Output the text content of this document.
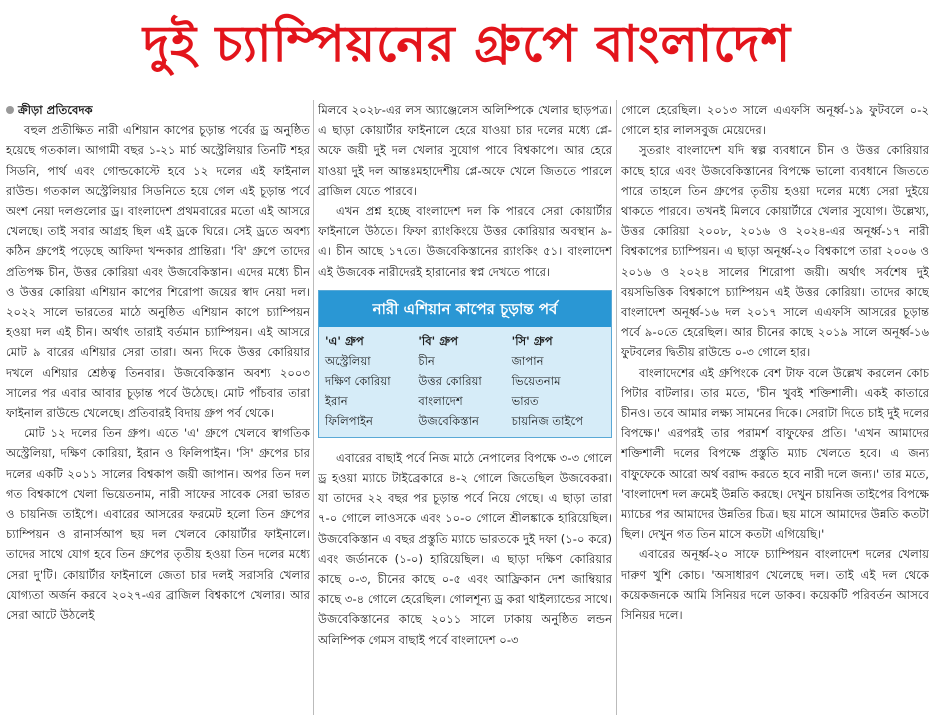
দুই চ্যাম্পিয়নের গ্রুপে বাংলাদেশ

ক্রীড়া প্রতিবেদক

বহুল প্রতীক্ষিত নারী এশিয়ান কাপের চূড়ান্ত পর্বের ড্র অনুষ্ঠিত হয়েছে গতকাল। আগামী বছর ১-২১ মার্চ অস্ট্রেলিয়ার তিনটি শহর সিডনি, পার্থ এবং গোল্ডকোস্টে হবে ১২ দলের এই ফাইনাল রাউন্ড। গতকাল অস্ট্রেলিয়ার সিডনিতে হয়ে গেল এই চূড়ান্ত পর্বে অংশ নেয়া দলগুলোর ড্র। বাংলাদেশ প্রথমবারের মতো এই আসরে খেলছে। তাই সবার আগ্রহ ছিল এই ড্রকে ঘিরে। সেই ড্রতে অবশ্য কঠিন গ্রুপেই পড়েছে আফিদা খন্দকার প্রান্তিরা। 'বি' গ্রুপে তাদের প্রতিপক্ষ চীন, উত্তর কোরিয়া এবং উজবেকিস্তান। এদের মধ্যে চীন ও উত্তর কোরিয়া এশিয়ান কাপের শিরোপা জয়ের স্বাদ নেয়া দল। ২০২২ সালে ভারতের মাঠে অনুষ্ঠিত এশিয়ান কাপে চ্যাম্পিয়ন হওয়া দল এই চীন। অর্থাৎ তারাই বর্তমান চ্যাম্পিয়ন। এই আসরে মোট ৯ বারের এশিয়ার সেরা তারা। অন্য দিকে উত্তর কোরিয়ার দখলে এশিয়ার শ্রেষ্ঠত্ব তিনবার। উজবেকিস্তান অবশ্য ২০০৩ সালের পর এবার আবার চূড়ান্ত পর্বে উঠেছে। মোট পাঁচবার তারা ফাইনাল রাউন্ডে খেলেছে। প্রতিবারই বিদায় গ্রুপ পর্ব থেকে।

মোট ১২ দলের তিন গ্রুপ। এতে 'এ' গ্রুপে খেলবে স্বাগতিক অস্ট্রেলিয়া, দক্ষিণ কোরিয়া, ইরান ও ফিলিপাইন। 'সি' গ্রুপের চার দলের একটি ২০১১ সালের বিশ্বকাপ জয়ী জাপান। অপর তিন দল গত বিশ্বকাপে খেলা ভিয়েতনাম, নারী সাফের সাবেক সেরা ভারত ও চায়নিজ তাইপে। এবারের আসরের ফরমেট হলো তিন গ্রুপের চ্যাম্পিয়ন ও রানার্সআপ ছয় দল খেলবে কোয়ার্টার ফাইনালে। তাদের সাথে যোগ হবে তিন গ্রুপের তৃতীয় হওয়া তিন দলের মধ্যে সেরা দু'টি। কোয়ার্টার ফাইনালে জেতা চার দলই সরাসরি খেলার যোগ্যতা অর্জন করবে ২০২৭-এর ব্রাজিল বিশ্বকাপে খেলার। আর সেরা আটে উঠলেই

মিলবে ২০২৮-এর লস অ্যাঞ্জেলেস অলিম্পিকে খেলার ছাড়পত্র। এ ছাড়া কোয়ার্টার ফাইনালে হেরে যাওয়া চার দলের মধ্যে প্লে-অফে জয়ী দুই দল খেলার সুযোগ পাবে বিশ্বকাপে। আর হেরে যাওয়া দুই দল আন্তঃমহাদেশীয় প্লে-অফে খেলে জিততে পারলে ব্রাজিল যেতে পারবে।

এখন প্রশ্ন হচ্ছে বাংলাদেশ দল কি পারবে সেরা কোয়ার্টার ফাইনালে উঠতে। ফিফা র‍্যাংকিংয়ে উত্তর কোরিয়ার অবস্থান ৯-এ। চীন আছে ১৭তে। উজবেকিস্তানের র‍্যাংকিং ৫১। বাংলাদেশ এই উজবেক নারীদেরই হারানোর স্বপ্ন দেখতে পারে।

নারী এশিয়ান কাপের চূড়ান্ত পর্ব
'এ' গ্রুপ
অস্ট্রেলিয়া
দক্ষিণ কোরিয়া
ইরান
ফিলিপাইন
'বি' গ্রুপ
চীন
উত্তর কোরিয়া
বাংলাদেশ
উজবেকিস্তান
'সি' গ্রুপ
জাপান
ভিয়েতনাম
ভারত
চায়নিজ তাইপে

এবারের বাছাই পর্বে নিজ মাঠে নেপালের বিপক্ষে ৩-৩ গোলে ড্র হওয়া ম্যাচে টাইব্রেকারে ৪-২ গোলে জিতেছিল উজবেকরা। যা তাদের ২২ বছর পর চূড়ান্ত পর্বে নিয়ে গেছে। এ ছাড়া তারা ৭-০ গোলে লাওসকে এবং ১০-০ গোলে শ্রীলঙ্কাকে হারিয়েছিল। উজবেকিস্তান এ বছর প্রস্তুতি ম্যাচে ভারতকে দুই দফা (১-০ করে) এবং জর্ডানকে (১-০) হারিয়েছিল। এ ছাড়া দক্ষিণ কোরিয়ার কাছে ০-৩, চীনের কাছে ০-৫ এবং আফ্রিকান দেশ জাম্বিয়ার কাছে ৩-৪ গোলে হেরেছিল। গোলশূন্য ড্র করা থাইল্যান্ডের সাথে। উজবেকিস্তানের কাছে ২০১১ সালে ঢাকায় অনুষ্ঠিত লন্ডন অলিম্পিক গেমস বাছাই পর্বে বাংলাদেশ ০-৩

গোলে হেরেছিল। ২০১৩ সালে এএফসি অনূর্ধ্ব-১৯ ফুটবলে ০-২ গোলে হার লালসবুজ মেয়েদের।

সুতরাং বাংলাদেশ যদি স্বল্প ব্যবধানে চীন ও উত্তর কোরিয়ার কাছে হারে এবং উজবেকিস্তানের বিপক্ষে ভালো ব্যবধানে জিততে পারে তাহলে তিন গ্রুপের তৃতীয় হওয়া দলের মধ্যে সেরা দুইয়ে থাকতে পারবে। তখনই মিলবে কোয়ার্টারে খেলার সুযোগ। উল্লেখ্য, উত্তর কোরিয়া ২০০৮, ২০১৬ ও ২০২৪-এর অনূর্ধ্ব-১৭ নারী বিশ্বকাপের চ্যাম্পিয়ন। এ ছাড়া অনূর্ধ্ব-২০ বিশ্বকাপে তারা ২০০৬ ও ২০১৬ ও ২০২৪ সালের শিরোপা জয়ী। অর্থাৎ সর্বশেষ দুই বয়সভিত্তিক বিশ্বকাপে চ্যাম্পিয়ন এই উত্তর কোরিয়া। তাদের কাছে বাংলাদেশ অনূর্ধ্ব-১৬ দল ২০১৭ সালে এএফসি আসরের চূড়ান্ত পর্বে ৯-০তে হেরেছিল। আর চীনের কাছে ২০১৯ সালে অনূর্ধ্ব-১৬ ফুটবলের দ্বিতীয় রাউন্ডে ০-৩ গোলে হার।

বাংলাদেশের এই গ্রুপিংকে বেশ টাফ বলে উল্লেখ করলেন কোচ পিটার বাটলার। তার মতে, 'চীন খুবই শক্তিশালী। একই কাতারে চীনও। তবে আমার লক্ষ্য সামনের দিকে। সেরাটা দিতে চাই দুই দলের বিপক্ষে।' এরপরই তার পরামর্শ বাফুফের প্রতি। 'এখন আমাদের শক্তিশালী দলের বিপক্ষে প্রস্তুতি ম্যাচ খেলতে হবে। এ জন্য বাফুফেকে আরো অর্থ বরাদ্দ করতে হবে নারী দলে জন্য।' তার মতে, 'বাংলাদেশ দল ক্রমেই উন্নতি করছে। দেখুন চায়নিজ তাইপের বিপক্ষে ম্যাচের পর আমাদের উন্নতির চিত্র। ছয় মাসে আমাদের উন্নতি কতটা ছিল। দেখুন গত তিন মাসে কতটা এগিয়েছি।'

এবারের অনূর্ধ্ব-২০ সাফে চ্যাম্পিয়ন বাংলাদেশ দলের খেলায় দারুণ খুশি কোচ। 'অসাধারণ খেলেছে দল। তাই এই দল থেকে কয়েকজনকে আমি সিনিয়র দলে ডাকব। কয়েকটি পরিবর্তন আসবে সিনিয়র দলে।
